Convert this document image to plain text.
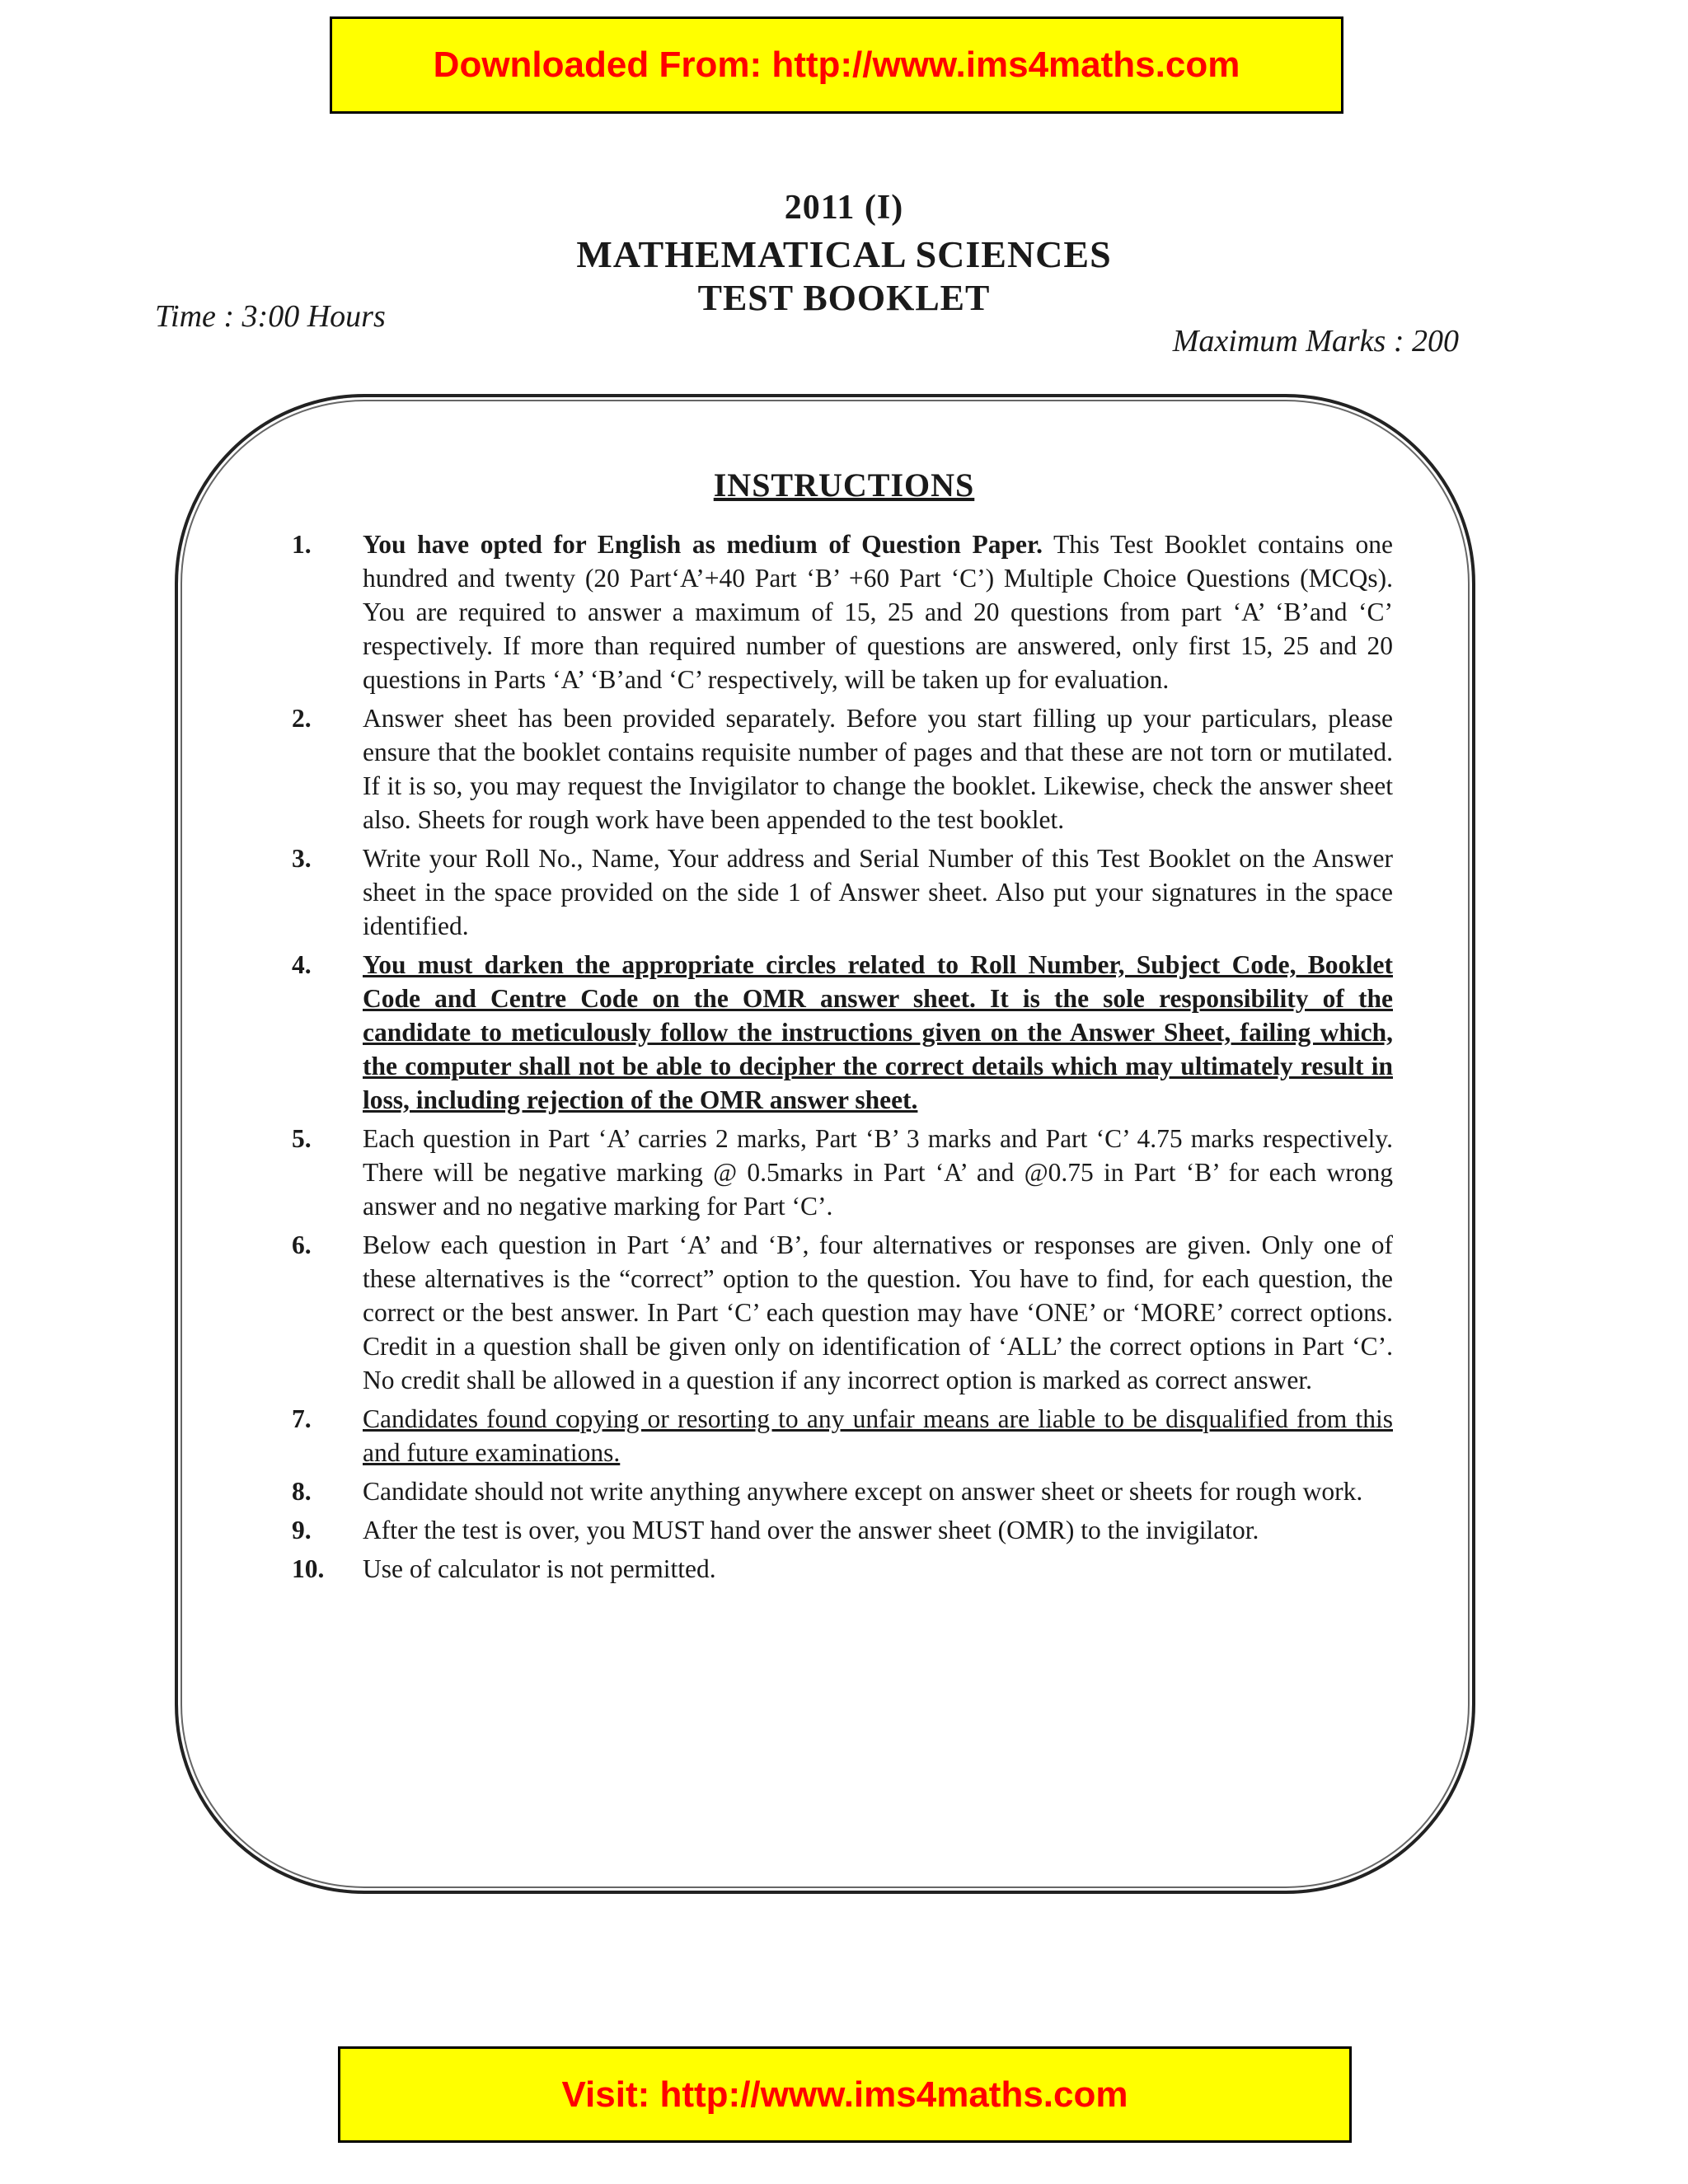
Downloaded From: http://www.ims4maths.com
2011 (I)
MATHEMATICAL SCIENCES
TEST BOOKLET
Time : 3:00 Hours
Maximum Marks : 200
INSTRUCTIONS
1. You have opted for English as medium of Question Paper. This Test Booklet contains one hundred and twenty (20 Part‘A’+40 Part ‘B’ +60 Part ‘C’) Multiple Choice Questions (MCQs). You are required to answer a maximum of 15, 25 and 20 questions from part ‘A’ ‘B’and ‘C’ respectively. If more than required number of questions are answered, only first 15, 25 and 20 questions in Parts ‘A’ ‘B’and ‘C’ respectively, will be taken up for evaluation.
2. Answer sheet has been provided separately. Before you start filling up your particulars, please ensure that the booklet contains requisite number of pages and that these are not torn or mutilated. If it is so, you may request the Invigilator to change the booklet. Likewise, check the answer sheet also. Sheets for rough work have been appended to the test booklet.
3. Write your Roll No., Name, Your address and Serial Number of this Test Booklet on the Answer sheet in the space provided on the side 1 of Answer sheet. Also put your signatures in the space identified.
4. You must darken the appropriate circles related to Roll Number, Subject Code, Booklet Code and Centre Code on the OMR answer sheet. It is the sole responsibility of the candidate to meticulously follow the instructions given on the Answer Sheet, failing which, the computer shall not be able to decipher the correct details which may ultimately result in loss, including rejection of the OMR answer sheet.
5. Each question in Part ‘A’ carries 2 marks, Part ‘B’ 3 marks and Part ‘C’ 4.75 marks respectively. There will be negative marking @ 0.5marks in Part ‘A’ and @0.75 in Part ‘B’ for each wrong answer and no negative marking for Part ‘C’.
6. Below each question in Part ‘A’ and ‘B’, four alternatives or responses are given. Only one of these alternatives is the “correct” option to the question. You have to find, for each question, the correct or the best answer. In Part ‘C’ each question may have ‘ONE’ or ‘MORE’ correct options. Credit in a question shall be given only on identification of ‘ALL’ the correct options in Part ‘C’. No credit shall be allowed in a question if any incorrect option is marked as correct answer.
7. Candidates found copying or resorting to any unfair means are liable to be disqualified from this and future examinations.
8. Candidate should not write anything anywhere except on answer sheet or sheets for rough work.
9. After the test is over, you MUST hand over the answer sheet (OMR) to the invigilator.
10. Use of calculator is not permitted.
Visit: http://www.ims4maths.com
